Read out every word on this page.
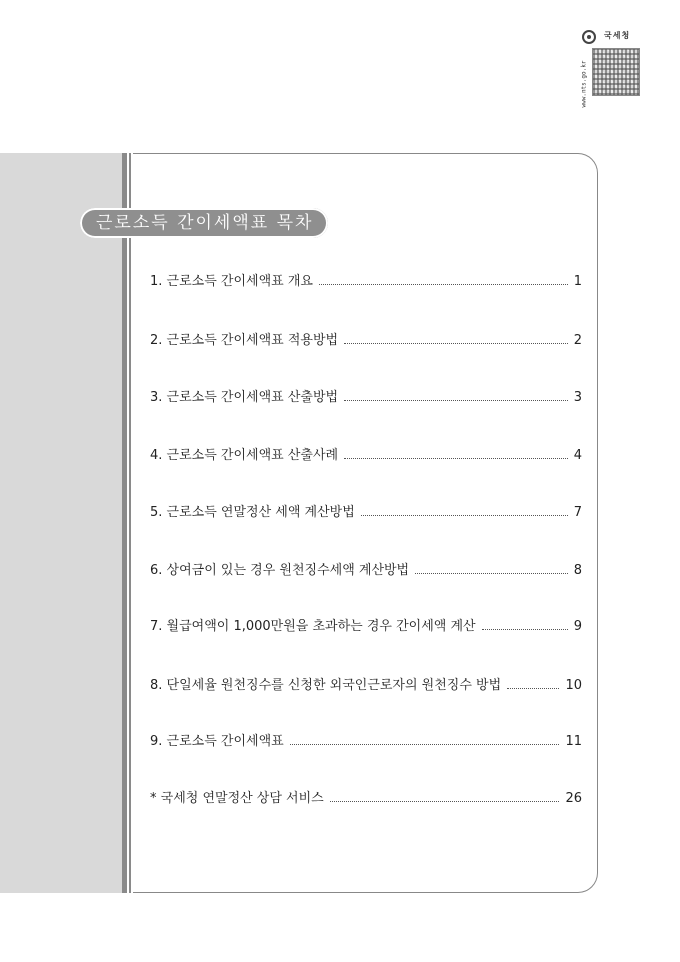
국세청
www.nts.go.kr
근로소득 간이세액표 목차
1. 근로소득 간이세액표 개요	1
2. 근로소득 간이세액표 적용방법	2
3. 근로소득 간이세액표 산출방법	3
4. 근로소득 간이세액표 산출사례	4
5. 근로소득 연말정산 세액 계산방법	7
6. 상여금이 있는 경우 원천징수세액 계산방법	8
7. 월급여액이 1,000만원을 초과하는 경우 간이세액 계산	9
8. 단일세율 원천징수를 신청한 외국인근로자의 원천징수 방법	10
9. 근로소득 간이세액표	11
* 국세청 연말정산 상담 서비스	26
